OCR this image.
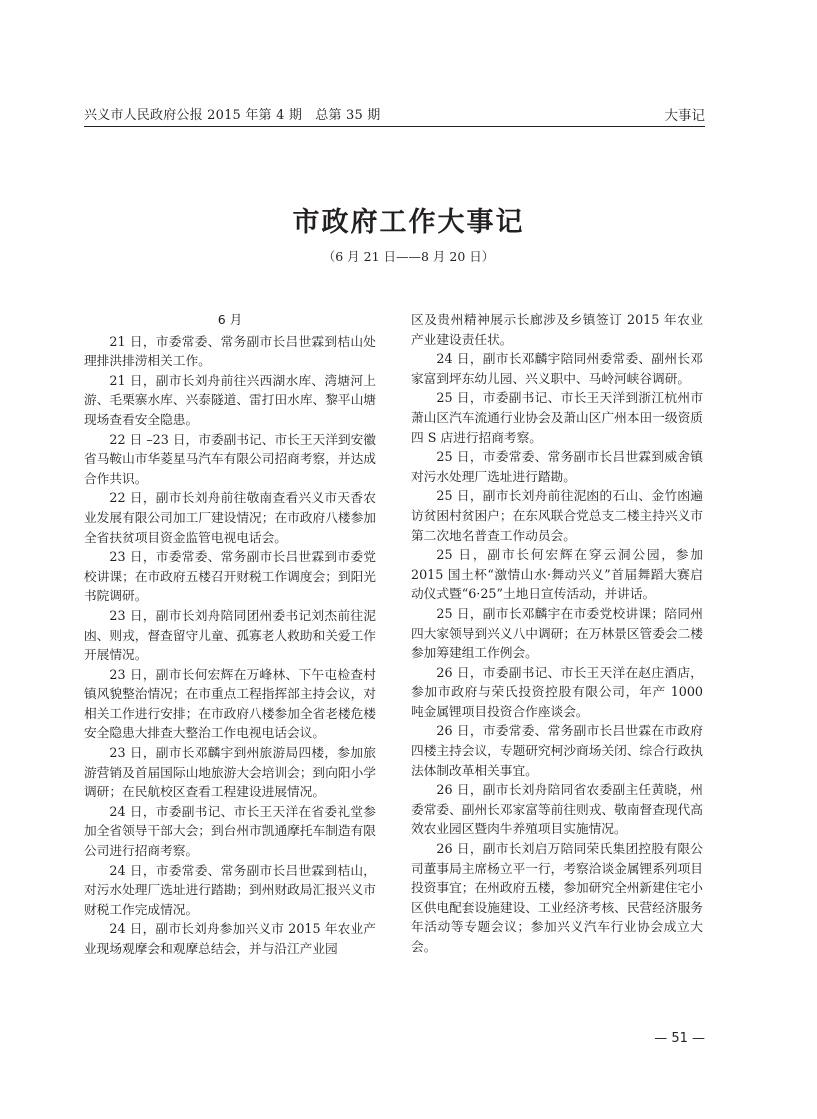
兴义市人民政府公报 2015 年第 4 期　总第 35 期	大事记
市政府工作大事记
（6 月 21 日——8 月 20 日）
6 月

21 日，市委常委、常务副市长吕世霖到桔山处理排洪排涝相关工作。

21 日，副市长刘舟前往兴西湖水库、湾塘河上游、毛栗寨水库、兴泰隧道、雷打田水库、黎平山塘现场查看安全隐患。

22 日 –23 日，市委副书记、市长王天洋到安徽省马鞍山市华菱星马汽车有限公司招商考察，并达成合作共识。

22 日，副市长刘舟前往敬南查看兴义市天香农业发展有限公司加工厂建设情况；在市政府八楼参加全省扶贫项目资金监管电视电话会。

23 日，市委常委、常务副市长吕世霖到市委党校讲课；在市政府五楼召开财税工作调度会；到阳光书院调研。

23 日，副市长刘舟陪同团州委书记刘杰前往泥凼、则戎，督查留守儿童、孤寡老人救助和关爱工作开展情况。

23 日，副市长何宏辉在万峰林、下午屯检查村镇风貌整治情况；在市重点工程指挥部主持会议，对相关工作进行安排；在市政府八楼参加全省老楼危楼安全隐患大排查大整治工作电视电话会议。

23 日，副市长邓麟宇到州旅游局四楼，参加旅游营销及首届国际山地旅游大会培训会；到向阳小学调研；在民航校区查看工程建设进展情况。

24 日，市委副书记、市长王天洋在省委礼堂参加全省领导干部大会；到台州市凯通摩托车制造有限公司进行招商考察。

24 日，市委常委、常务副市长吕世霖到桔山，对污水处理厂选址进行踏勘；到州财政局汇报兴义市财税工作完成情况。

24 日，副市长刘舟参加兴义市 2015 年农业产业现场观摩会和观摩总结会，并与沿江产业园

区及贵州精神展示长廊涉及乡镇签订 2015 年农业产业建设责任状。

24 日，副市长邓麟宇陪同州委常委、副州长邓家富到坪东幼儿园、兴义职中、马岭河峡谷调研。

25 日，市委副书记、市长王天洋到浙江杭州市萧山区汽车流通行业协会及萧山区广州本田一级资质四 S 店进行招商考察。

25 日，市委常委、常务副市长吕世霖到威舍镇对污水处理厂选址进行踏勘。

25 日，副市长刘舟前往泥凼的石山、金竹凼遍访贫困村贫困户；在东风联合党总支二楼主持兴义市第二次地名普查工作动员会。

25 日，副市长何宏辉在穿云洞公园，参加 2015 国土杯“激情山水·舞动兴义”首届舞蹈大赛启动仪式暨“6·25”土地日宣传活动，并讲话。

25 日，副市长邓麟宇在市委党校讲课；陪同州四大家领导到兴义八中调研；在万林景区管委会二楼参加筹建组工作例会。

26 日，市委副书记、市长王天洋在赵庄酒店，参加市政府与荣氏投资控股有限公司，年产 1000 吨金属锂项目投资合作座谈会。

26 日，市委常委、常务副市长吕世霖在市政府四楼主持会议，专题研究柯沙商场关闭、综合行政执法体制改革相关事宜。

26 日，副市长刘舟陪同省农委副主任黄晓，州委常委、副州长邓家富等前往则戎、敬南督查现代高效农业园区暨肉牛养殖项目实施情况。

26 日，副市长刘启万陪同荣氏集团控股有限公司董事局主席杨立平一行，考察洽谈金属锂系列项目投资事宜；在州政府五楼，参加研究全州新建住宅小区供电配套设施建设、工业经济考核、民营经济服务年活动等专题会议；参加兴义汽车行业协会成立大会。

— 51 —
